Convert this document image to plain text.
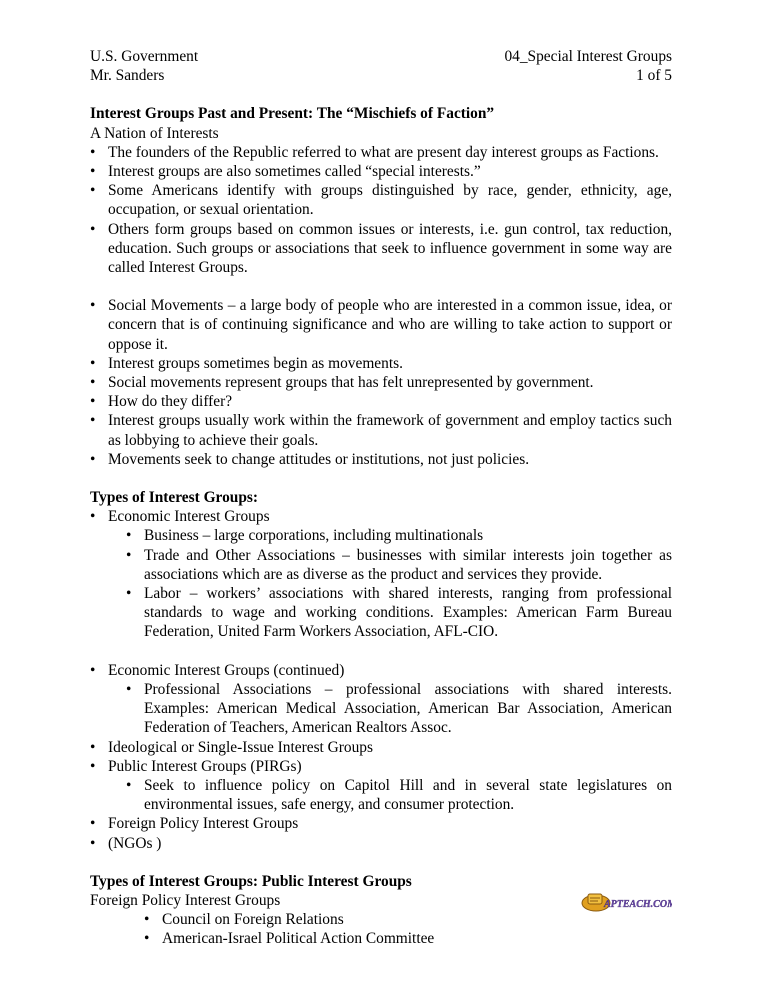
U.S. Government
Mr. Sanders
04_Special Interest Groups
1 of 5
Interest Groups Past and Present: The “Mischiefs of Faction”
A Nation of Interests
• The founders of the Republic referred to what are present day interest groups as Factions.
• Interest groups are also sometimes called “special interests.”
• Some Americans identify with groups distinguished by race, gender, ethnicity, age, occupation, or sexual orientation.
• Others form groups based on common issues or interests, i.e. gun control, tax reduction, education. Such groups or associations that seek to influence government in some way are called Interest Groups.
• Social Movements – a large body of people who are interested in a common issue, idea, or concern that is of continuing significance and who are willing to take action to support or oppose it.
• Interest groups sometimes begin as movements.
• Social movements represent groups that has felt unrepresented by government.
• How do they differ?
• Interest groups usually work within the framework of government and employ tactics such as lobbying to achieve their goals.
• Movements seek to change attitudes or institutions, not just policies.
Types of Interest Groups:
• Economic Interest Groups
• Business – large corporations, including multinationals
• Trade and Other Associations – businesses with similar interests join together as associations which are as diverse as the product and services they provide.
• Labor – workers’ associations with shared interests, ranging from professional standards to wage and working conditions. Examples: American Farm Bureau Federation, United Farm Workers Association, AFL-CIO.
• Economic Interest Groups (continued)
• Professional Associations – professional associations with shared interests. Examples: American Medical Association, American Bar Association, American Federation of Teachers, American Realtors Assoc.
• Ideological or Single-Issue Interest Groups
• Public Interest Groups (PIRGs)
• Seek to influence policy on Capitol Hill and in several state legislatures on environmental issues, safe energy, and consumer protection.
• Foreign Policy Interest Groups
• (NGOs )
Types of Interest Groups: Public Interest Groups
Foreign Policy Interest Groups
• Council on Foreign Relations
• American-Israel Political Action Committee
APTEACH.COM
